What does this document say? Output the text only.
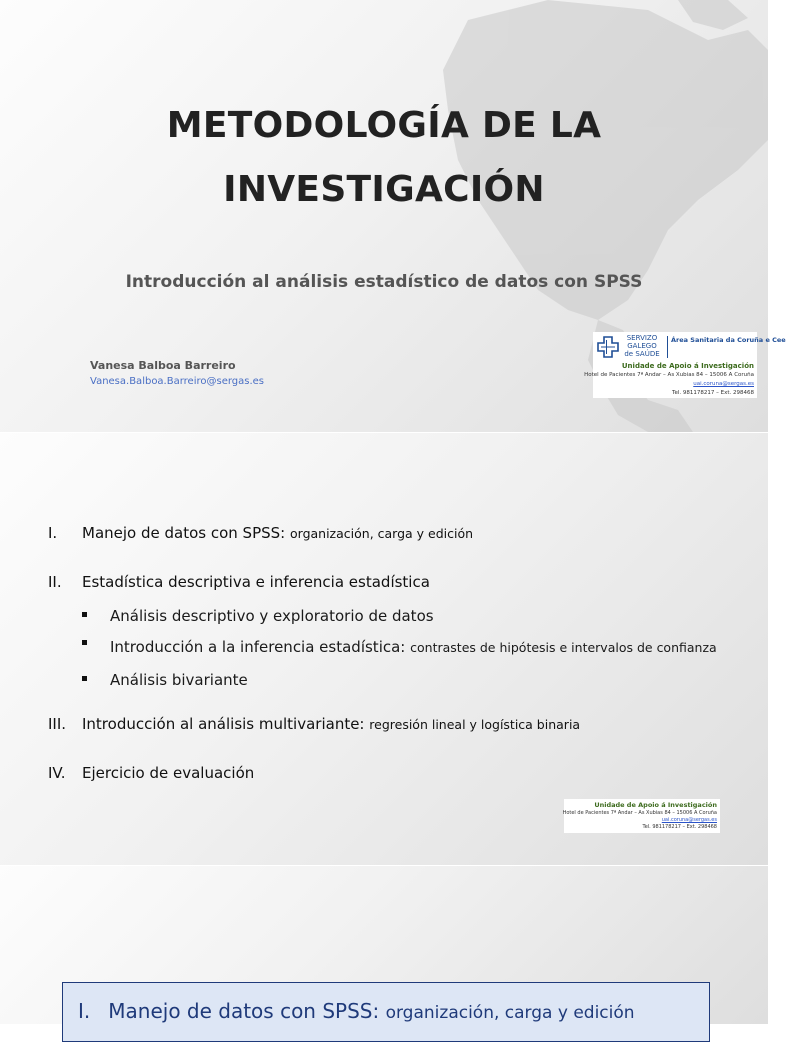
METODOLOGÍA DE LA
INVESTIGACIÓN
Introducción al análisis estadístico de datos con SPSS
Vanesa Balboa Barreiro
Vanesa.Balboa.Barreiro@sergas.es
SERVIZO
GALEGO
de SAÚDE
Área Sanitaria da Coruña e Cee
Unidade de Apoio á Investigación
Hotel de Pacientes 7ª Andar – As Xubias 84 – 15006 A Coruña
uai.coruna@sergas.es
Tel. 981178217 – Ext. 298468
I. Manejo de datos con SPSS: organización, carga y edición
II. Estadística descriptiva e inferencia estadística
Análisis descriptivo y exploratorio de datos
Introducción a la inferencia estadística: contrastes de hipótesis e intervalos de confianza
Análisis bivariante
III. Introducción al análisis multivariante: regresión lineal y logística binaria
IV. Ejercicio de evaluación
Unidade de Apoio á Investigación
Hotel de Pacientes 7ª Andar – As Xubias 84 – 15006 A Coruña
uai.coruna@sergas.es
Tel. 981178217 – Ext. 298468
I. Manejo de datos con SPSS: organización, carga y edición
